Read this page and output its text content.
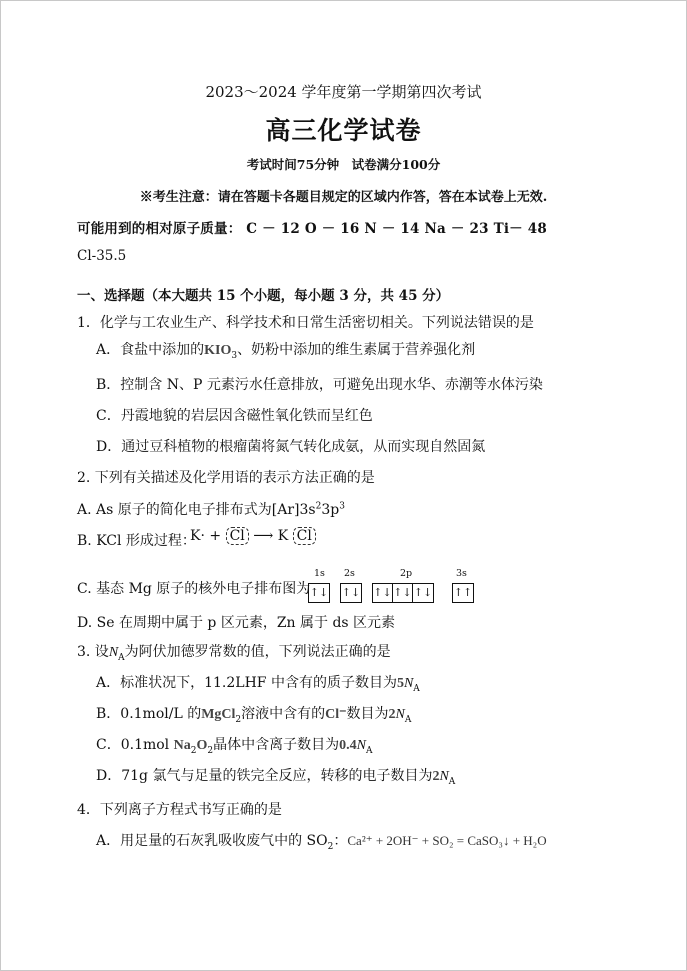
2023～2024 学年度第一学期第四次考试
高三化学试卷
考试时间75分钟　试卷满分100分
※考生注意：请在答题卡各题目规定的区域内作答，答在本试卷上无效.
可能用到的相对原子质量： C － 12 O － 16 N － 14 Na － 23 Ti－ 48
Cl-35.5
一、选择题（本大题共 15 个小题，每小题 3 分，共 45 分）
1．化学与工农业生产、科学技术和日常生活密切相关。下列说法错误的是
A．食盐中添加的$KIO_3$、奶粉中添加的维生素属于营养强化剂
B．控制含 N、P 元素污水任意排放，可避免出现水华、赤潮等水体污染
C．丹霞地貌的岩层因含磁性氧化铁而呈红色
D．通过豆科植物的根瘤菌将氮气转化成氨，从而实现自然固氮
2. 下列有关描述及化学用语的表示方法正确的是
A. As 原子的简化电子排布式为$[Ar]3s^23p^3$
B. KCl 形成过程：
K· + Cl ⟶ K Cl
C. 基态 Mg 原子的核外电子排布图为
1s 2s	2p	3s
↑↓ ↑↓ ↑↓ ↑↓ ↑↓ ↑↑
D. Se 在周期中属于 p 区元素，Zn 属于 ds 区元素
3. 设$N_A$为阿伏加德罗常数的值，下列说法正确的是
A．标准状况下，11.2LHF 中含有的质子数目为$5N_A$
B．0.1mol/L 的MgCl$_2$溶液中含有的Cl⁻数目为$2N_A$
C．0.1mol $Na_2O_2$晶体中含离子数目为$0.4N_A$
D．71g 氯气与足量的铁完全反应，转移的电子数目为$2N_A$
4．下列离子方程式书写正确的是
A．用足量的石灰乳吸收废气中的 $SO_2$：Ca²⁺ + 2OH⁻ + SO₂ = CaSO₃↓ + H₂O
